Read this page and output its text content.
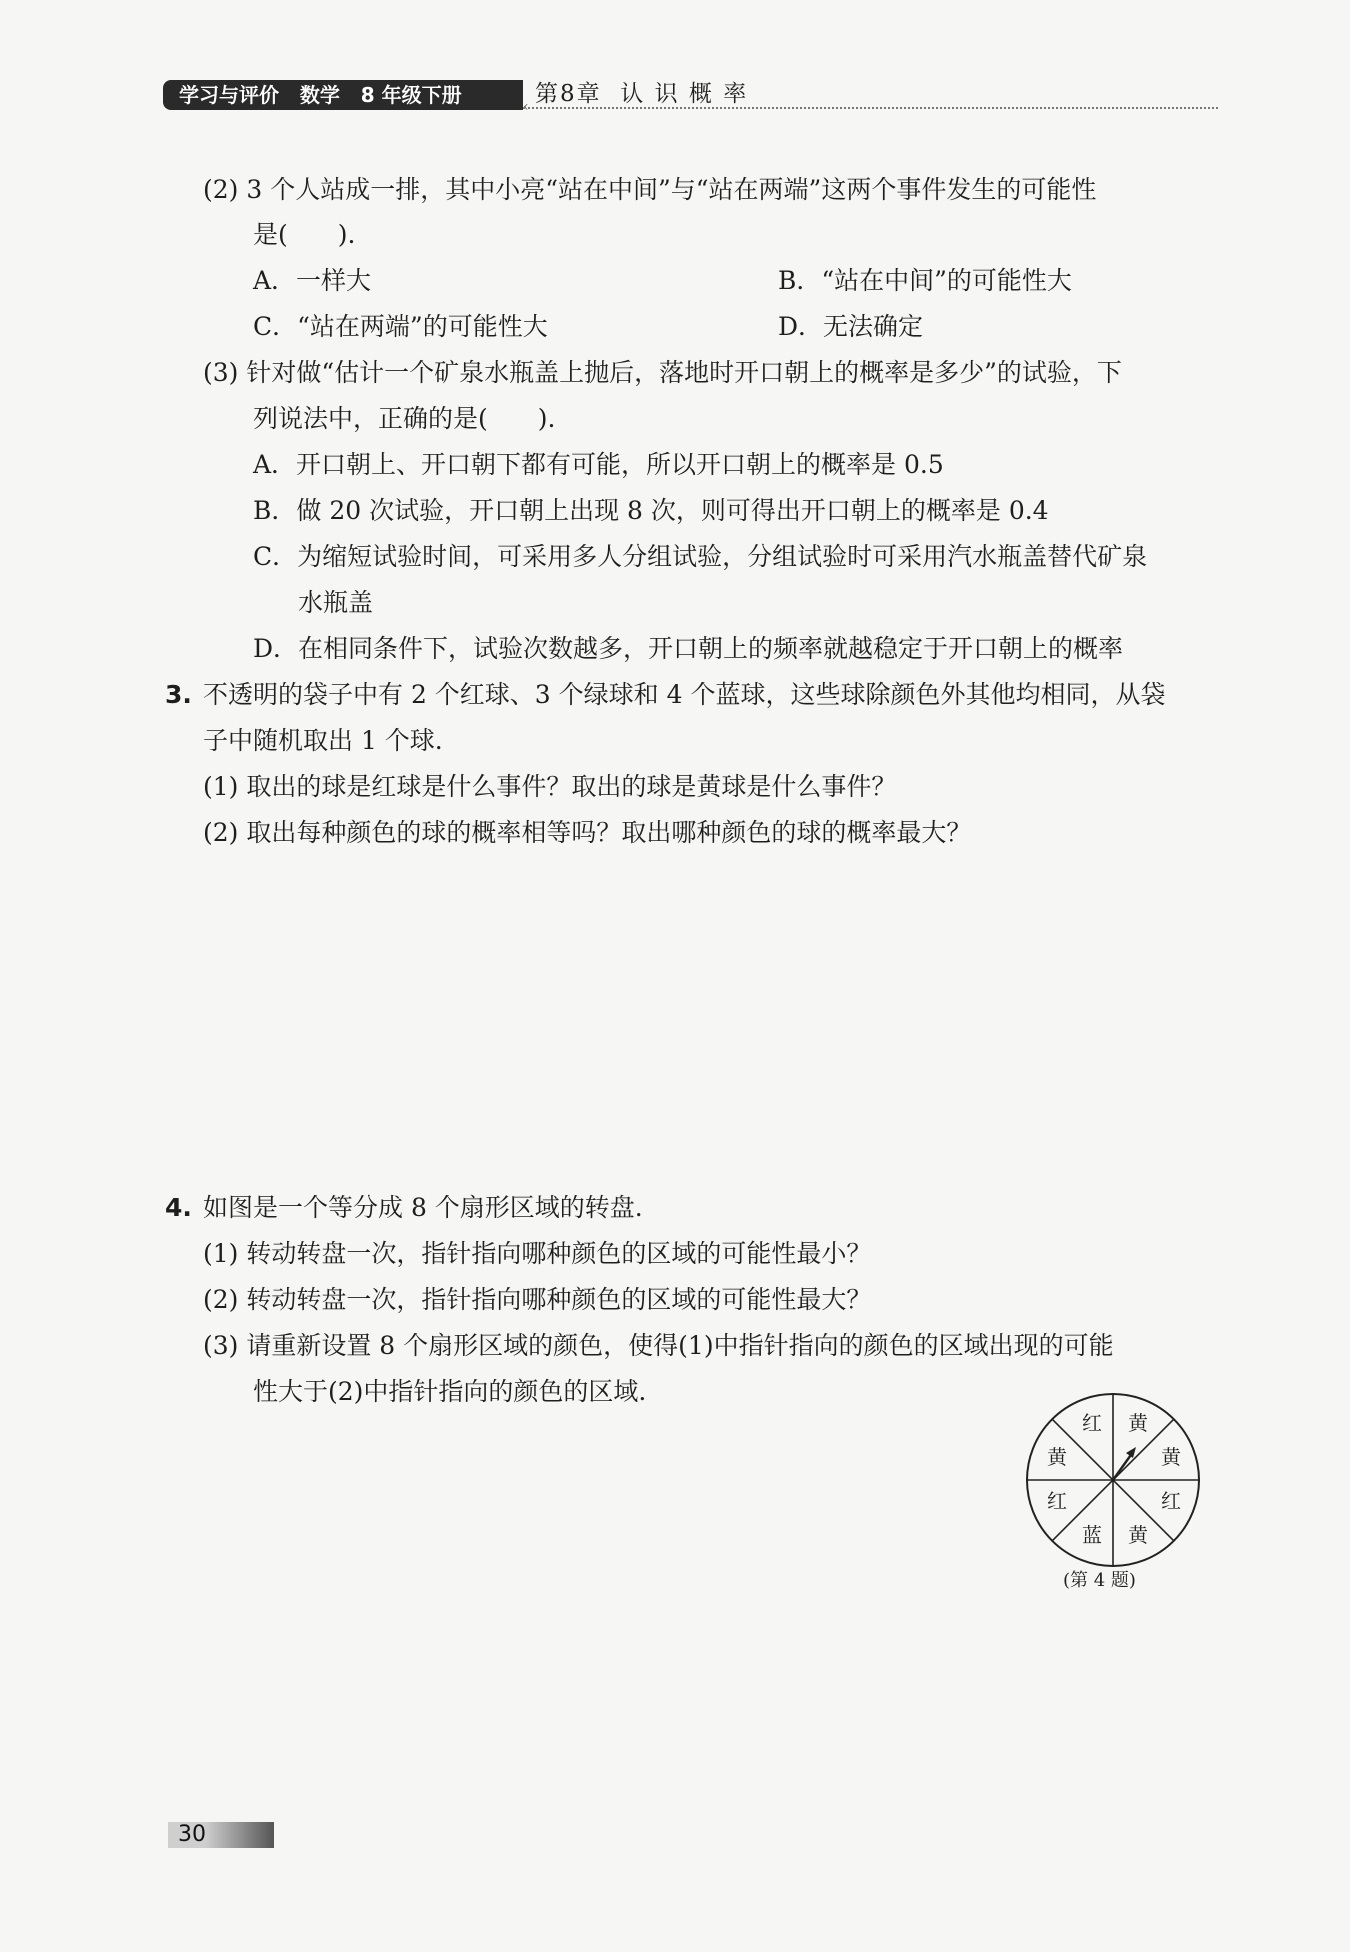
学习与评价   数学   8 年级下册	第8章  认 识 概 率
‹
(2) 3 个人站成一排，其中小亮“站在中间”与“站在两端”这两个事件发生的可能性
是(　　).
A．一样大	B．“站在中间”的可能性大
C．“站在两端”的可能性大	D．无法确定
(3) 针对做“估计一个矿泉水瓶盖上抛后，落地时开口朝上的概率是多少”的试验，下
列说法中，正确的是(　　).
A．开口朝上、开口朝下都有可能，所以开口朝上的概率是 0.5
B．做 20 次试验，开口朝上出现 8 次，则可得出开口朝上的概率是 0.4
C．为缩短试验时间，可采用多人分组试验，分组试验时可采用汽水瓶盖替代矿泉
水瓶盖
D．在相同条件下，试验次数越多，开口朝上的频率就越稳定于开口朝上的概率
3. 不透明的袋子中有 2 个红球、3 个绿球和 4 个蓝球，这些球除颜色外其他均相同，从袋
子中随机取出 1 个球.
(1) 取出的球是红球是什么事件？取出的球是黄球是什么事件？
(2) 取出每种颜色的球的概率相等吗？取出哪种颜色的球的概率最大？
4. 如图是一个等分成 8 个扇形区域的转盘.
(1) 转动转盘一次，指针指向哪种颜色的区域的可能性最小？
(2) 转动转盘一次，指针指向哪种颜色的区域的可能性最大？
(3) 请重新设置 8 个扇形区域的颜色，使得(1)中指针指向的颜色的区域出现的可能
性大于(2)中指针指向的颜色的区域.
黄
黄
红
黄
蓝
红
黄
红
(第 4 题)
30
